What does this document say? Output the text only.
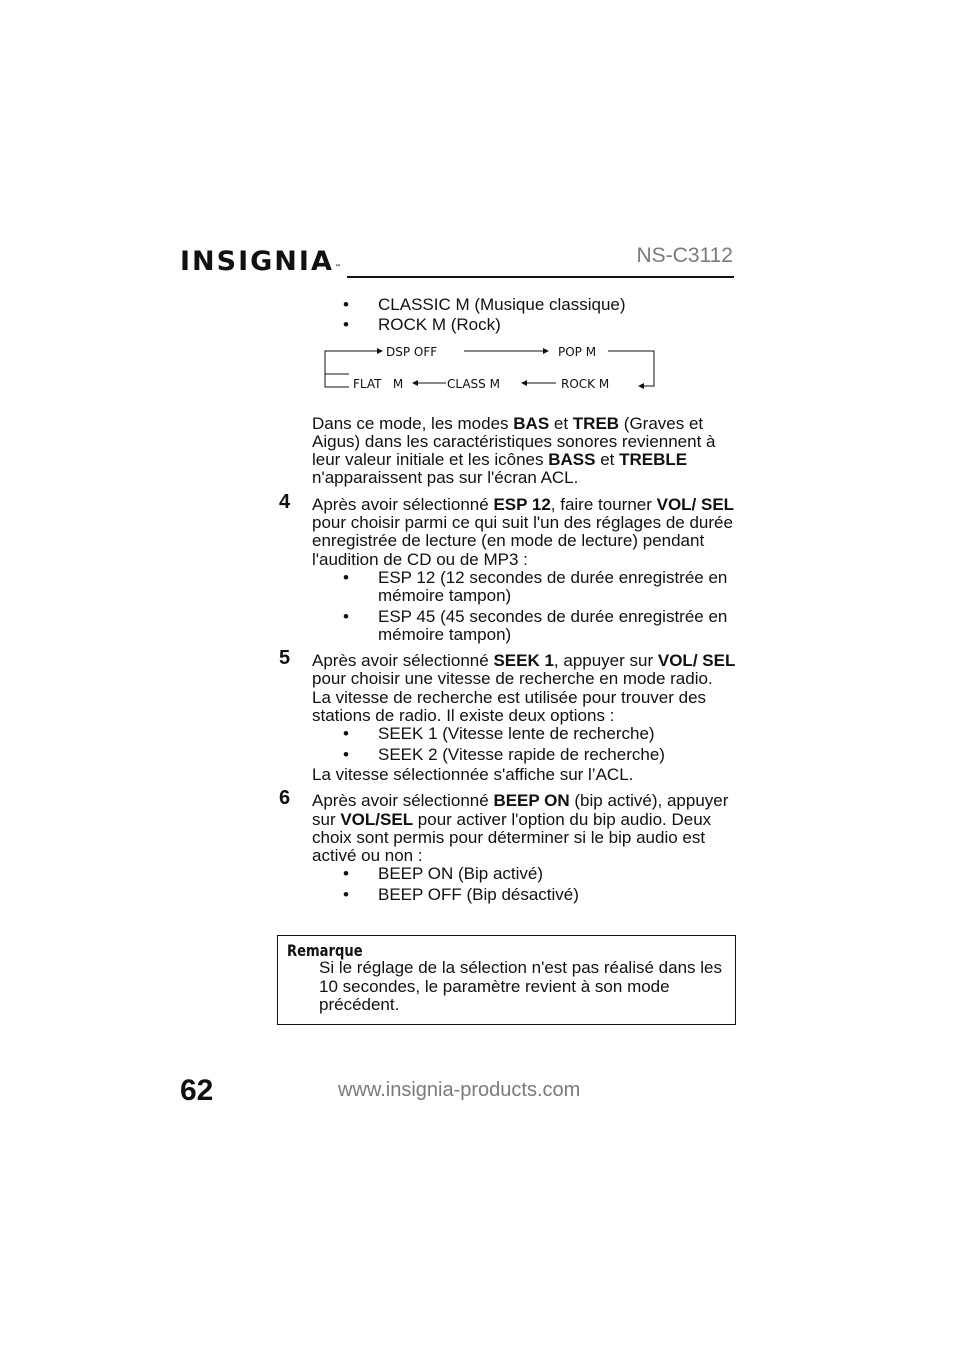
INSIGNIA™
NS-C3112
• CLASSIC M (Musique classique)
• ROCK M (Rock)
DSP OFF	POP M
FLAT   M	CLASS M	ROCK M

Dans ce mode, les modes BAS et TREB (Graves et Aigus) dans les caractéristiques sonores reviennent à leur valeur initiale et les icônes BASS et TREBLE n'apparaissent pas sur l'écran ACL.

4 Après avoir sélectionné ESP 12, faire tourner VOL/ SEL pour choisir parmi ce qui suit l'un des réglages de durée enregistrée de lecture (en mode de lecture) pendant l'audition de CD ou de MP3 :

• ESP 12 (12 secondes de durée enregistrée en mémoire tampon)
• ESP 45 (45 secondes de durée enregistrée en mémoire tampon)
5 Après avoir sélectionné SEEK 1, appuyer sur VOL/ SEL pour choisir une vitesse de recherche en mode radio. La vitesse de recherche est utilisée pour trouver des stations de radio. Il existe deux options :

• SEEK 1 (Vitesse lente de recherche)
• SEEK 2 (Vitesse rapide de recherche)

La vitesse sélectionnée s'affiche sur l’ACL.

6 Après avoir sélectionné BEEP ON (bip activé), appuyer sur VOL/SEL pour activer l'option du bip audio. Deux choix sont permis pour déterminer si le bip audio est activé ou non :

• BEEP ON (Bip activé)
• BEEP OFF (Bip désactivé)
Remarque
Si le réglage de la sélection n'est pas réalisé dans les 10 secondes, le paramètre revient à son mode précédent.
62	www.insignia-products.com
